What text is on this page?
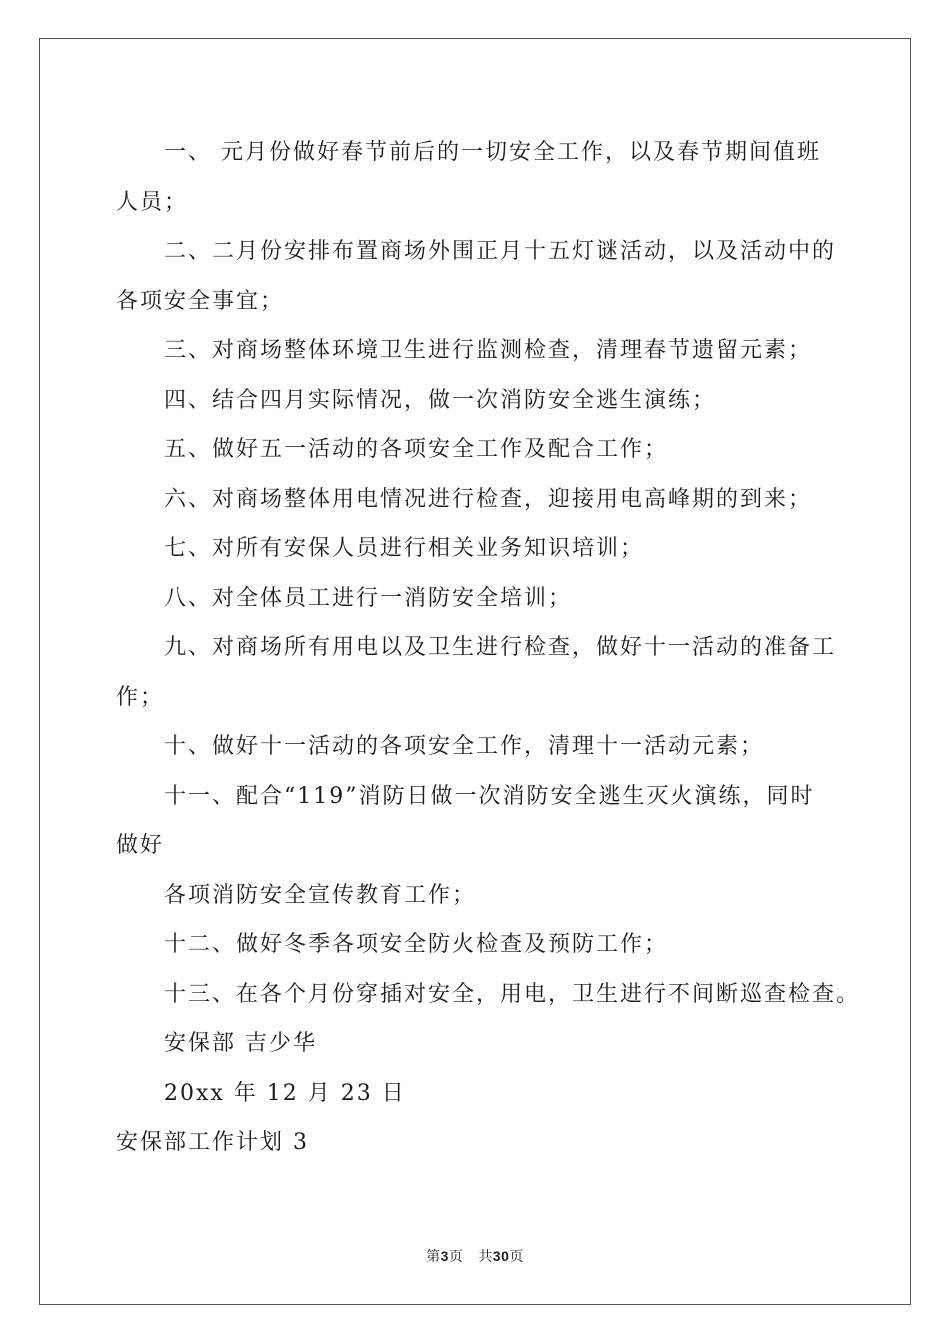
一、 元月份做好春节前后的一切安全工作，以及春节期间值班

人员；

二、二月份安排布置商场外围正月十五灯谜活动，以及活动中的

各项安全事宜；

三、对商场整体环境卫生进行监测检查，清理春节遗留元素；

四、结合四月实际情况，做一次消防安全逃生演练；

五、做好五一活动的各项安全工作及配合工作；

六、对商场整体用电情况进行检查，迎接用电高峰期的到来；

七、对所有安保人员进行相关业务知识培训；

八、对全体员工进行一消防安全培训；

九、对商场所有用电以及卫生进行检查，做好十一活动的准备工

作；

十、做好十一活动的各项安全工作，清理十一活动元素；

十一、配合“119”消防日做一次消防安全逃生灭火演练，同时

做好

各项消防安全宣传教育工作；

十二、做好冬季各项安全防火检查及预防工作；

十三、在各个月份穿插对安全，用电，卫生进行不间断巡查检查。

安保部 吉少华

20xx 年 12 月 23 日

安保部工作计划 3

第3页 共30页
